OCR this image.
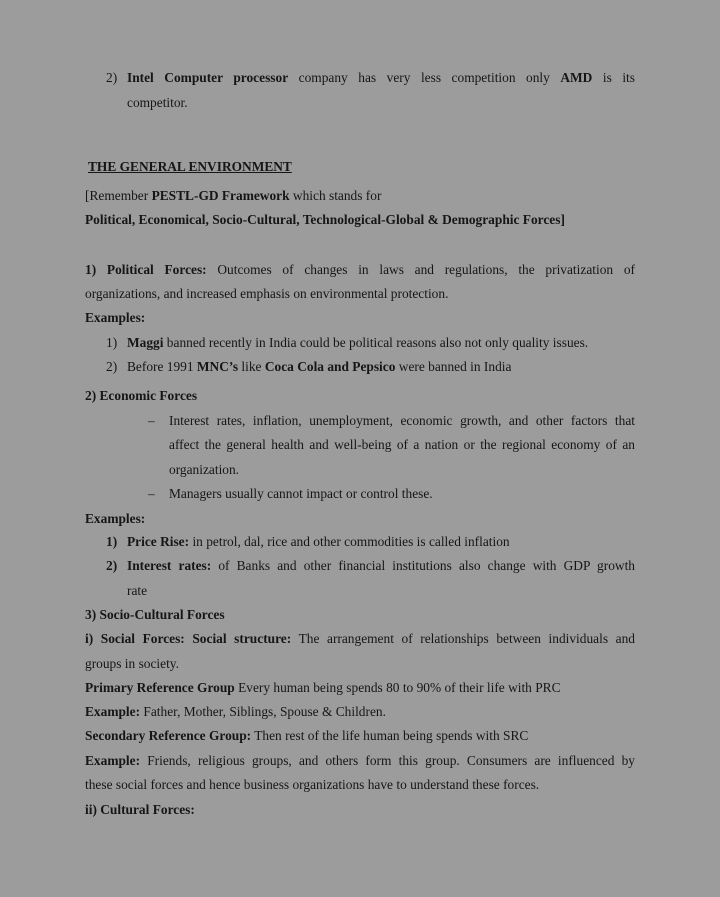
2) Intel Computer processor company has very less competition only AMD is its
competitor.
THE GENERAL ENVIRONMENT
[Remember PESTL-GD Framework which stands for
Political, Economical, Socio-Cultural, Technological-Global & Demographic Forces]
1) Political Forces: Outcomes of changes in laws and regulations, the privatization of
organizations, and increased emphasis on environmental protection.
Examples:
1) Maggi banned recently in India could be political reasons also not only quality issues.
2) Before 1991 MNC’s like Coca Cola and Pepsico were banned in India
2) Economic Forces
– Interest rates, inflation, unemployment, economic growth, and other factors that
affect the general health and well-being of a nation or the regional economy of an
organization.
– Managers usually cannot impact or control these.
Examples:
1) Price Rise: in petrol, dal, rice and other commodities is called inflation
2) Interest rates: of Banks and other financial institutions also change with GDP growth
rate
3) Socio-Cultural Forces
i) Social Forces: Social structure: The arrangement of relationships between individuals and
groups in society.
Primary Reference Group Every human being spends 80 to 90% of their life with PRC
Example: Father, Mother, Siblings, Spouse & Children.
Secondary Reference Group: Then rest of the life human being spends with SRC
Example: Friends, religious groups, and others form this group. Consumers are influenced by
these social forces and hence business organizations have to understand these forces.
ii) Cultural Forces:
